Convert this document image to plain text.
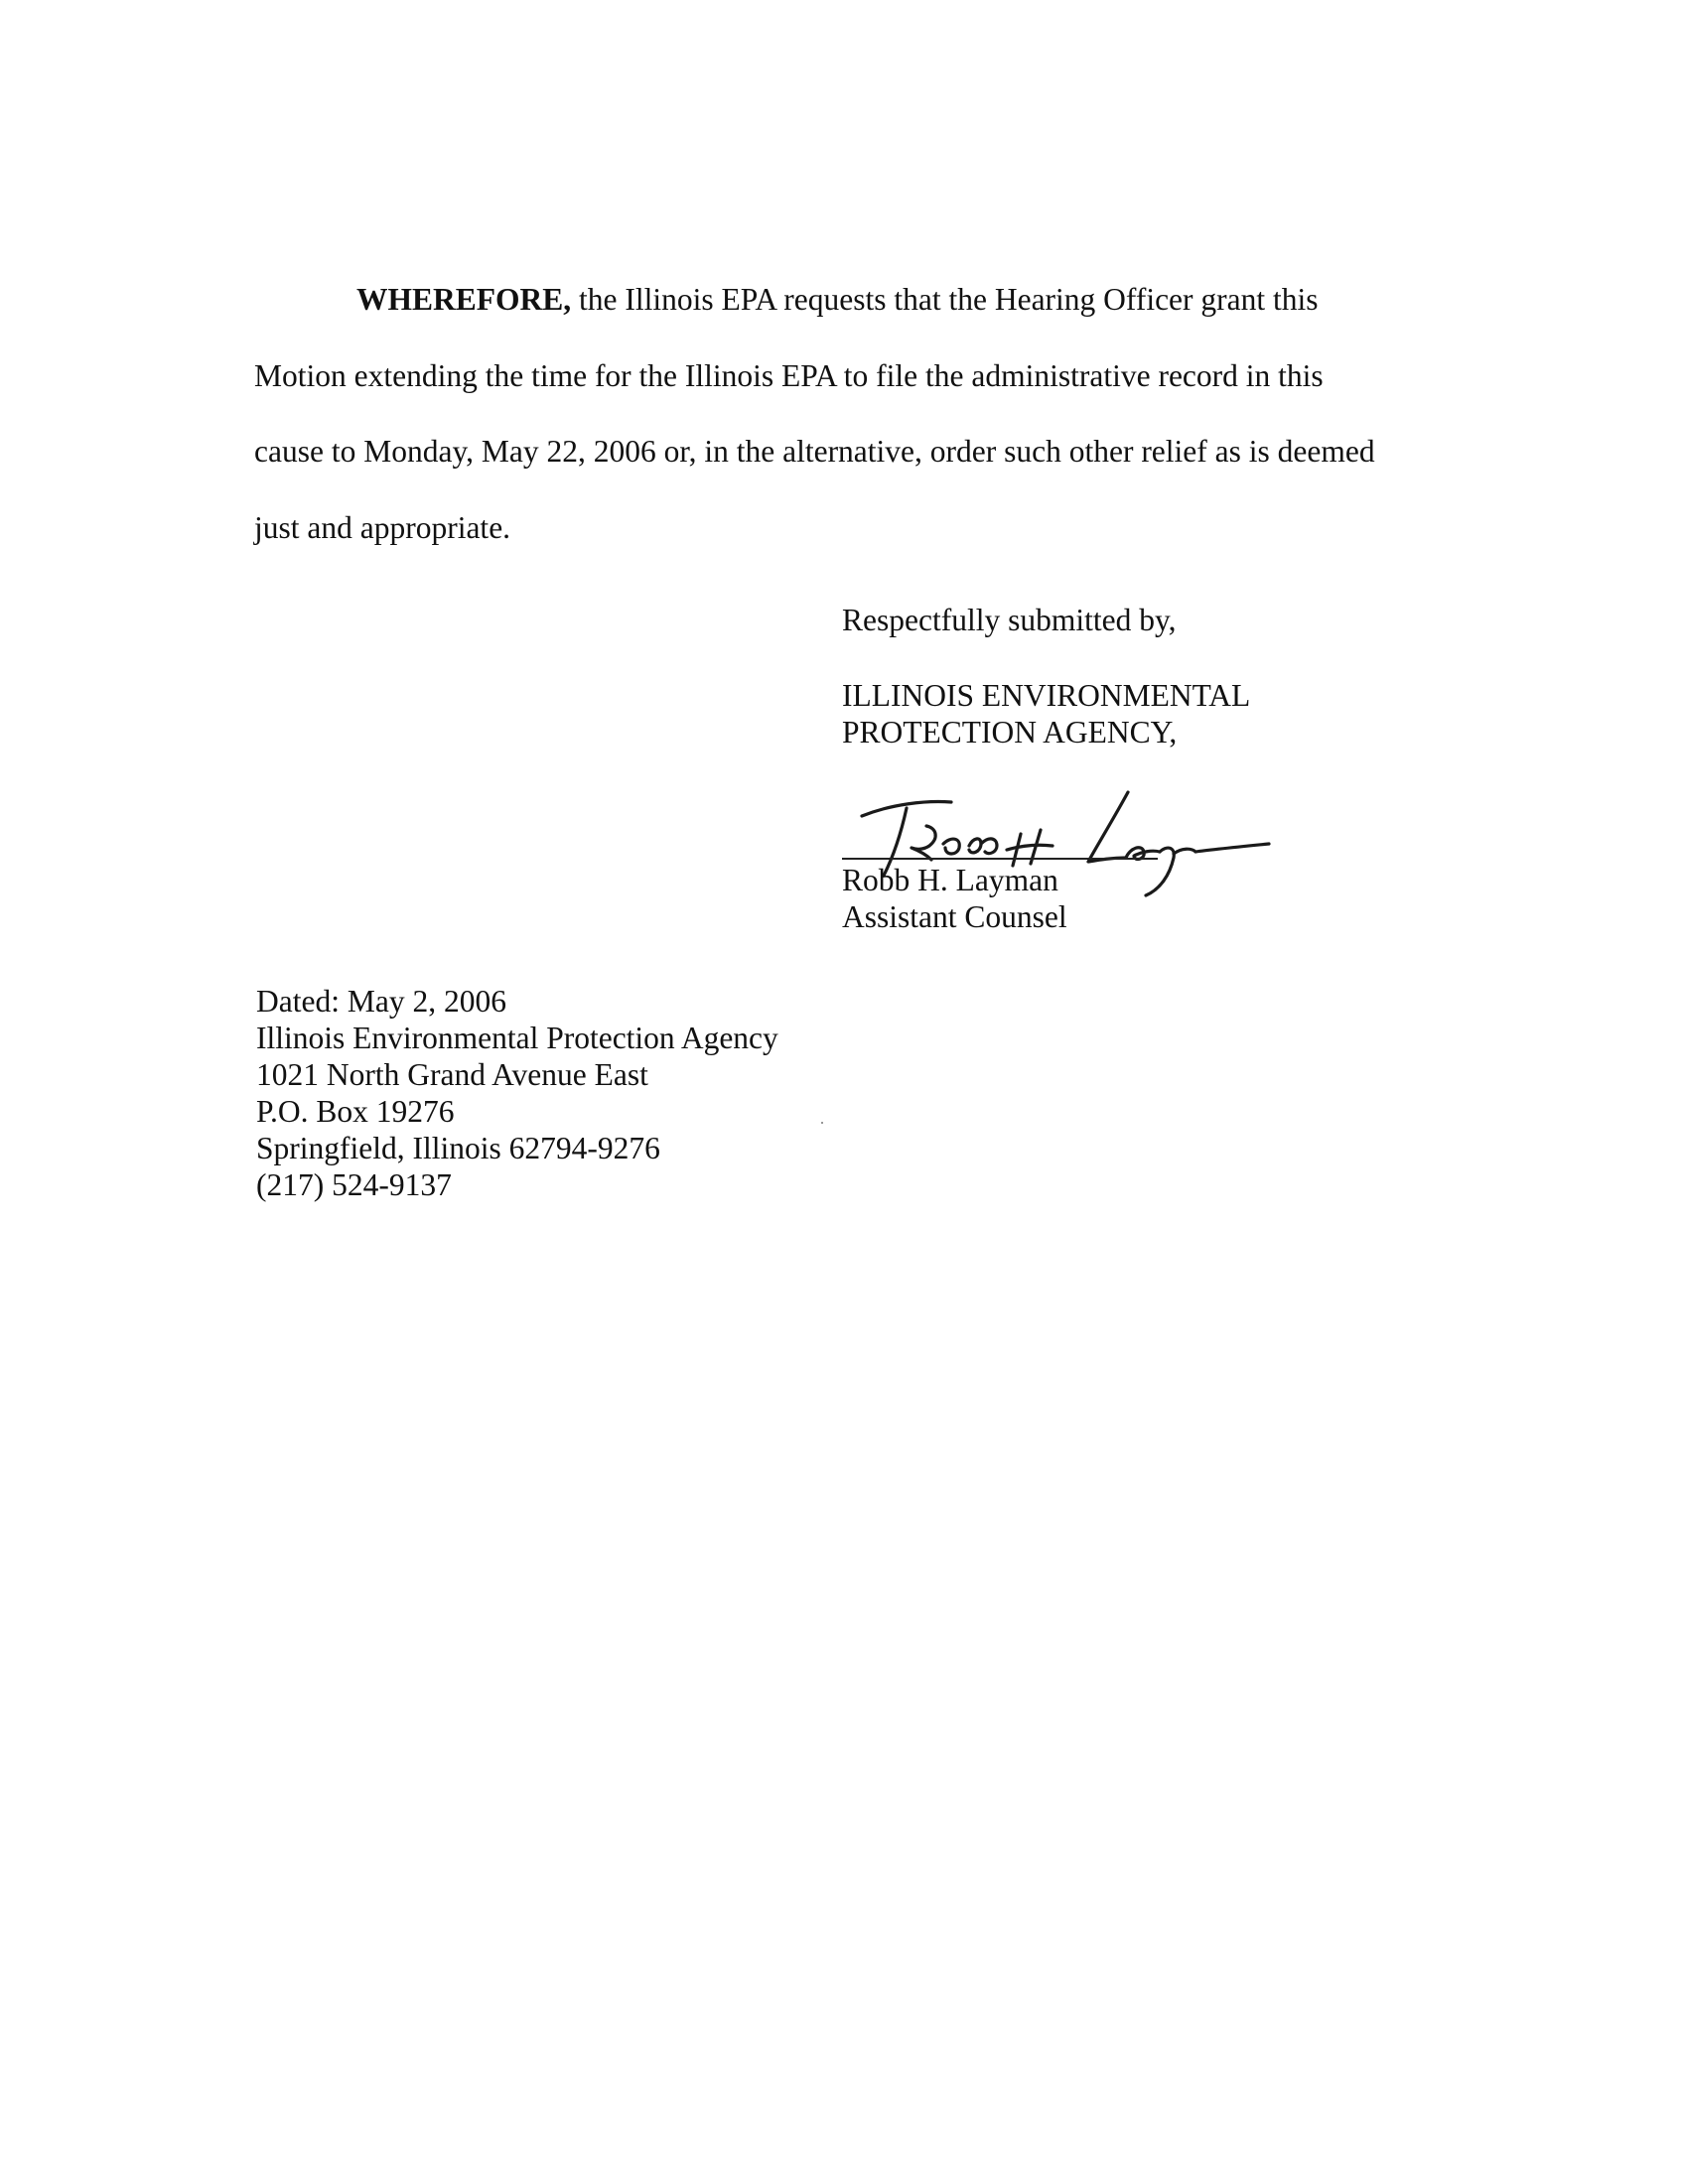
WHEREFORE, the Illinois EPA requests that the Hearing Officer grant this

Motion extending the time for the Illinois EPA to file the administrative record in this

cause to Monday, May 22, 2006 or, in the alternative, order such other relief as is deemed

just and appropriate.

Respectfully submitted by,
ILLINOIS ENVIRONMENTAL
PROTECTION AGENCY,
Robb H. Layman
Assistant Counsel
Dated: May 2, 2006
Illinois Environmental Protection Agency
1021 North Grand Avenue East
P.O. Box 19276
Springfield, Illinois 62794-9276
(217) 524-9137
